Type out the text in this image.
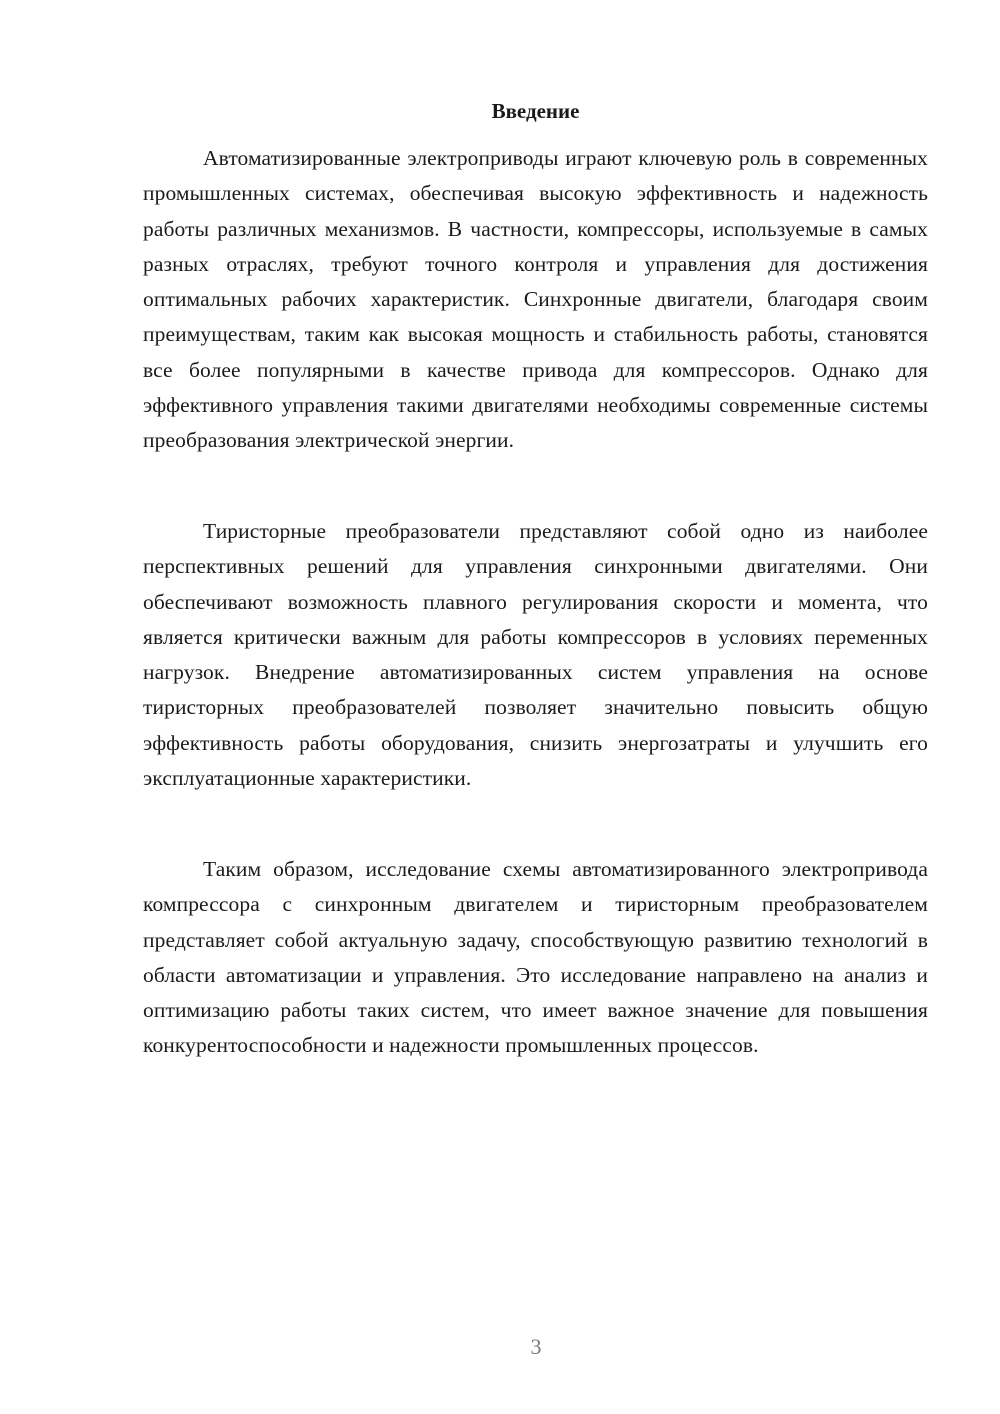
Введение

Автоматизированные электроприводы играют ключевую роль в современных промышленных системах, обеспечивая высокую эффективность и надежность работы различных механизмов. В частности, компрессоры, используемые в самых разных отраслях, требуют точного контроля и управления для достижения оптимальных рабочих характеристик. Синхронные двигатели, благодаря своим преимуществам, таким как высокая мощность и стабильность работы, становятся все более популярными в качестве привода для компрессоров. Однако для эффективного управления такими двигателями необходимы современные системы преобразования электрической энергии.

Тиристорные преобразователи представляют собой одно из наиболее перспективных решений для управления синхронными двигателями. Они обеспечивают возможность плавного регулирования скорости и момента, что является критически важным для работы компрессоров в условиях переменных нагрузок. Внедрение автоматизированных систем управления на основе тиристорных преобразователей позволяет значительно повысить общую эффективность работы оборудования, снизить энергозатраты и улучшить его эксплуатационные характеристики.

Таким образом, исследование схемы автоматизированного электропривода компрессора с синхронным двигателем и тиристорным преобразователем представляет собой актуальную задачу, способствующую развитию технологий в области автоматизации и управления. Это исследование направлено на анализ и оптимизацию работы таких систем, что имеет важное значение для повышения конкурентоспособности и надежности промышленных процессов.

3
